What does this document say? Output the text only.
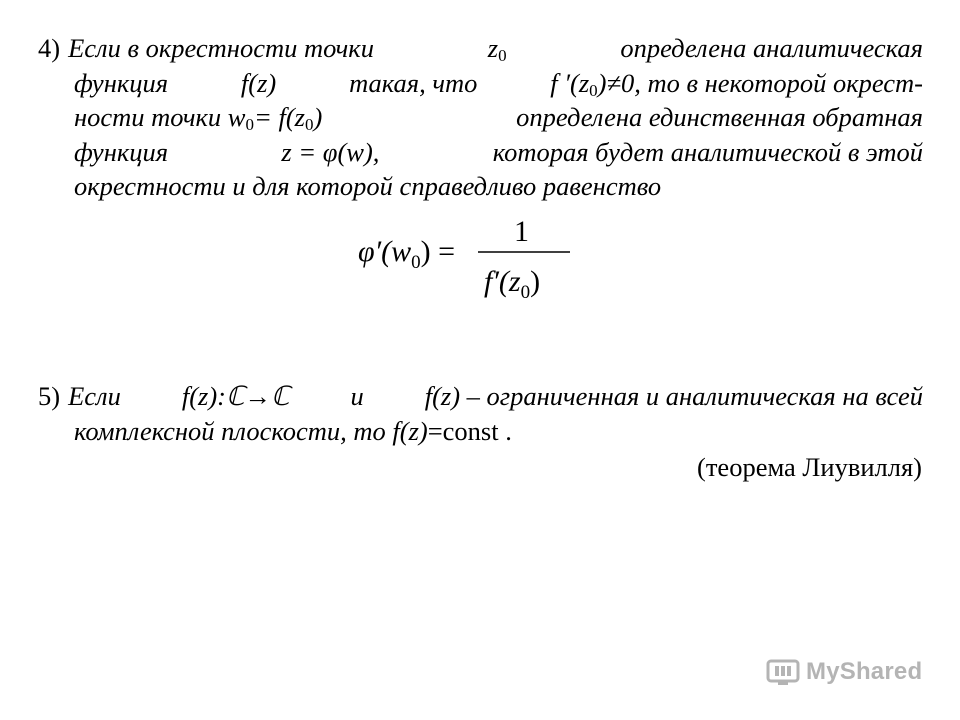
4) Если в окрестности точки	$z_0$	определена аналитическая
функция	f(z)	такая, что	f $'(z_0)\ne 0$, то в некоторой окрест-
ности точки $w_0= f(z_0)$	определена единственная обратная
функция	z = φ(w),	которая будет аналитической в этой
окрестности и для которой справедливо равенство
$\varphi'(w_0)$ =
1
$f'(z_0)$
5) Если f(z):ℂ→ℂ и f(z) – ограниченная и аналитическая на всей
комплексной плоскости, то f(z)=const .
(теорема Лиувилля)
MyShared
